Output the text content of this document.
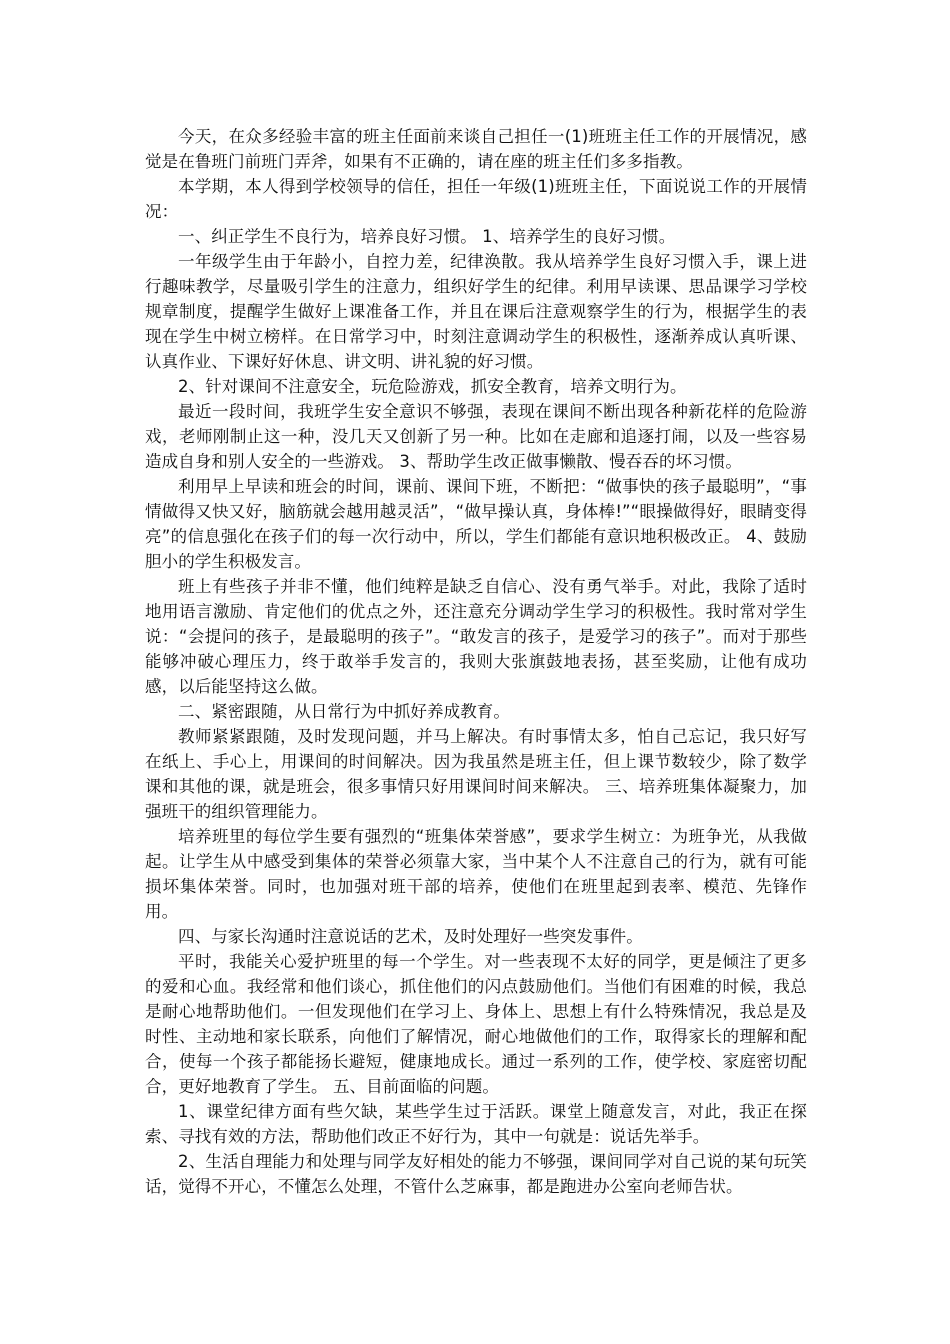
今天，在众多经验丰富的班主任面前来谈自己担任一(1)班班主任工作的开展情况，感觉是在鲁班门前班门弄斧，如果有不正确的，请在座的班主任们多多指教。

本学期，本人得到学校领导的信任，担任一年级(1)班班主任，下面说说工作的开展情况：

一、纠正学生不良行为，培养良好习惯。 1、培养学生的良好习惯。

一年级学生由于年龄小，自控力差，纪律涣散。我从培养学生良好习惯入手，课上进行趣味教学，尽量吸引学生的注意力，组织好学生的纪律。利用早读课、思品课学习学校规章制度，提醒学生做好上课准备工作，并且在课后注意观察学生的行为，根据学生的表现在学生中树立榜样。在日常学习中，时刻注意调动学生的积极性，逐渐养成认真听课、认真作业、下课好好休息、讲文明、讲礼貌的好习惯。

2、针对课间不注意安全，玩危险游戏，抓安全教育，培养文明行为。

最近一段时间，我班学生安全意识不够强，表现在课间不断出现各种新花样的危险游戏，老师刚制止这一种，没几天又创新了另一种。比如在走廊和追逐打闹，以及一些容易造成自身和别人安全的一些游戏。 3、帮助学生改正做事懒散、慢吞吞的坏习惯。

利用早上早读和班会的时间，课前、课间下班，不断把：“做事快的孩子最聪明”，“事情做得又快又好，脑筋就会越用越灵活”，“做早操认真，身体棒!”“眼操做得好，眼睛变得亮”的信息强化在孩子们的每一次行动中，所以，学生们都能有意识地积极改正。 4、鼓励胆小的学生积极发言。

班上有些孩子并非不懂，他们纯粹是缺乏自信心、没有勇气举手。对此，我除了适时地用语言激励、肯定他们的优点之外，还注意充分调动学生学习的积极性。我时常对学生说：“会提问的孩子，是最聪明的孩子”。“敢发言的孩子，是爱学习的孩子”。而对于那些能够冲破心理压力，终于敢举手发言的，我则大张旗鼓地表扬，甚至奖励，让他有成功感，以后能坚持这么做。

二、紧密跟随，从日常行为中抓好养成教育。

教师紧紧跟随，及时发现问题，并马上解决。有时事情太多，怕自己忘记，我只好写在纸上、手心上，用课间的时间解决。因为我虽然是班主任，但上课节数较少，除了数学课和其他的课，就是班会，很多事情只好用课间时间来解决。 三、培养班集体凝聚力，加强班干的组织管理能力。

培养班里的每位学生要有强烈的“班集体荣誉感”，要求学生树立：为班争光，从我做起。让学生从中感受到集体的荣誉必须靠大家，当中某个人不注意自己的行为，就有可能损坏集体荣誉。同时，也加强对班干部的培养，使他们在班里起到表率、模范、先锋作用。

四、与家长沟通时注意说话的艺术，及时处理好一些突发事件。

平时，我能关心爱护班里的每一个学生。对一些表现不太好的同学，更是倾注了更多的爱和心血。我经常和他们谈心，抓住他们的闪点鼓励他们。当他们有困难的时候，我总是耐心地帮助他们。一但发现他们在学习上、身体上、思想上有什么特殊情况，我总是及时性、主动地和家长联系，向他们了解情况，耐心地做他们的工作，取得家长的理解和配合，使每一个孩子都能扬长避短，健康地成长。通过一系列的工作，使学校、家庭密切配合，更好地教育了学生。 五、目前面临的问题。

1、课堂纪律方面有些欠缺，某些学生过于活跃。课堂上随意发言，对此，我正在探索、寻找有效的方法，帮助他们改正不好行为，其中一句就是：说话先举手。

2、生活自理能力和处理与同学友好相处的能力不够强，课间同学对自己说的某句玩笑话，觉得不开心，不懂怎么处理，不管什么芝麻事，都是跑进办公室向老师告状。
